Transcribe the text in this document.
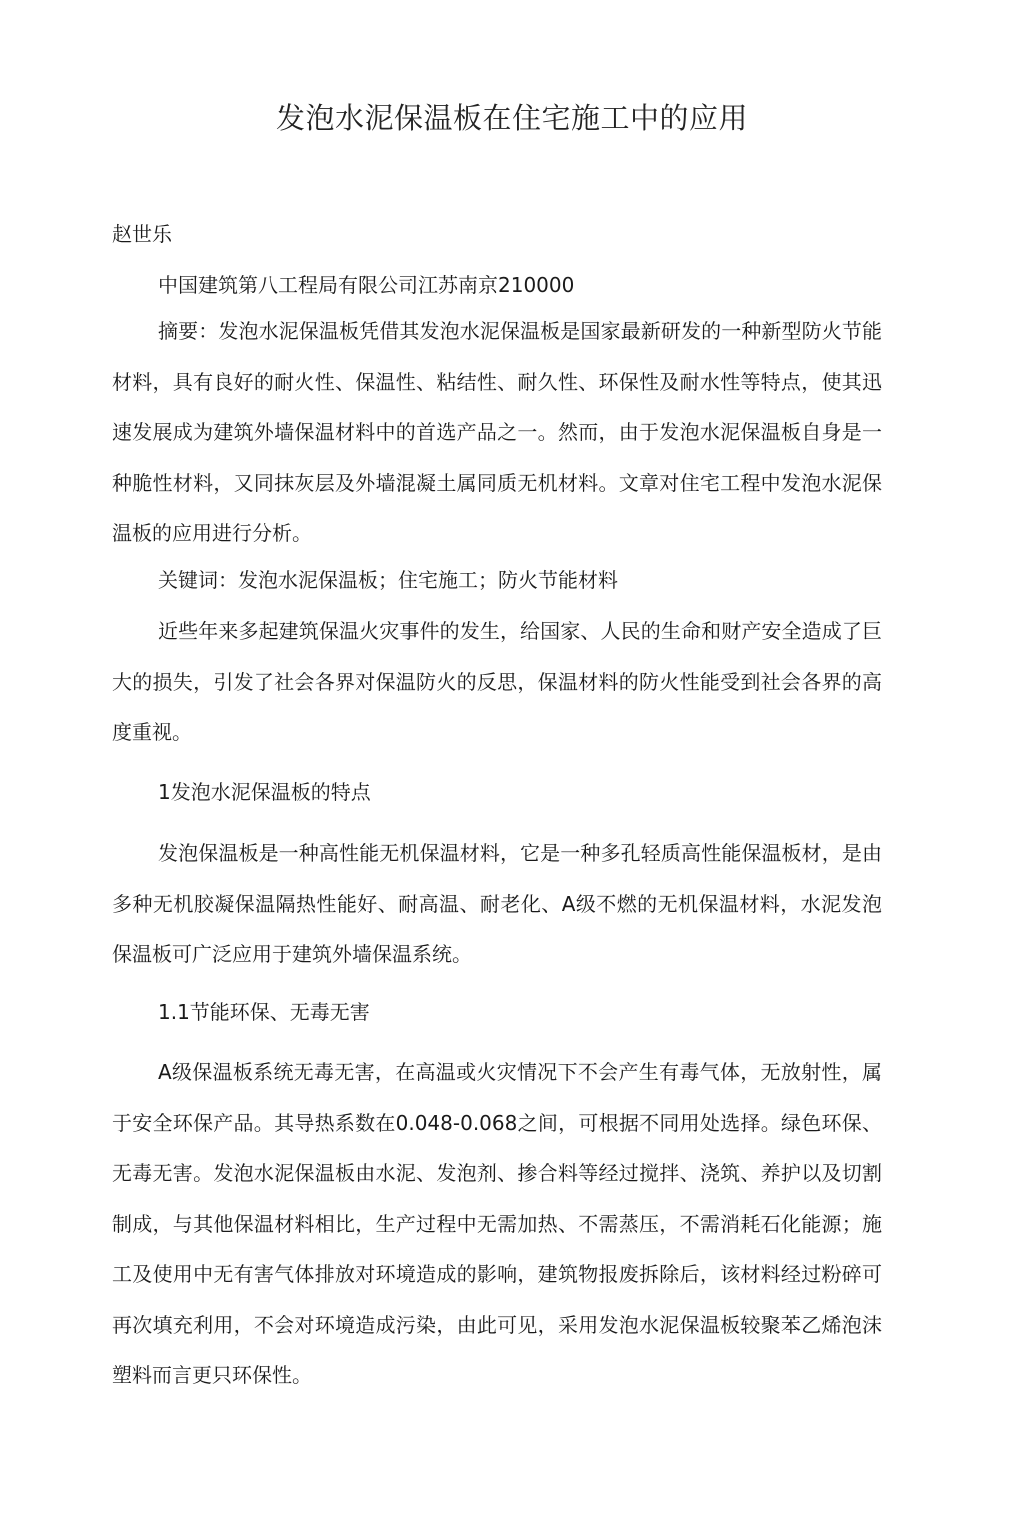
发泡水泥保温板在住宅施工中的应用
赵世乐
中国建筑第八工程局有限公司江苏南京210000

摘要：发泡水泥保温板凭借其发泡水泥保温板是国家最新研发的一种新型防火节能材料，具有良好的耐火性、保温性、粘结性、耐久性、环保性及耐水性等特点，使其迅速发展成为建筑外墙保温材料中的首选产品之一。然而，由于发泡水泥保温板自身是一种脆性材料，又同抹灰层及外墙混凝土属同质无机材料。文章对住宅工程中发泡水泥保温板的应用进行分析。

关键词：发泡水泥保温板；住宅施工；防火节能材料

近些年来多起建筑保温火灾事件的发生，给国家、人民的生命和财产安全造成了巨大的损失，引发了社会各界对保温防火的反思，保温材料的防火性能受到社会各界的高度重视。

1发泡水泥保温板的特点

发泡保温板是一种高性能无机保温材料，它是一种多孔轻质高性能保温板材，是由多种无机胶凝保温隔热性能好、耐高温、耐老化、A级不燃的无机保温材料，水泥发泡保温板可广泛应用于建筑外墙保温系统。

1.1节能环保、无毒无害

A级保温板系统无毒无害，在高温或火灾情况下不会产生有毒气体，无放射性，属于安全环保产品。其导热系数在0.048-0.068之间，可根据不同用处选择。绿色环保、无毒无害。发泡水泥保温板由水泥、发泡剂、掺合料等经过搅拌、浇筑、养护以及切割制成，与其他保温材料相比，生产过程中无需加热、不需蒸压，不需消耗石化能源；施工及使用中无有害气体排放对环境造成的影响，建筑物报废拆除后，该材料经过粉碎可再次填充利用，不会对环境造成污染，由此可见，采用发泡水泥保温板较聚苯乙烯泡沫塑料而言更只环保性。
